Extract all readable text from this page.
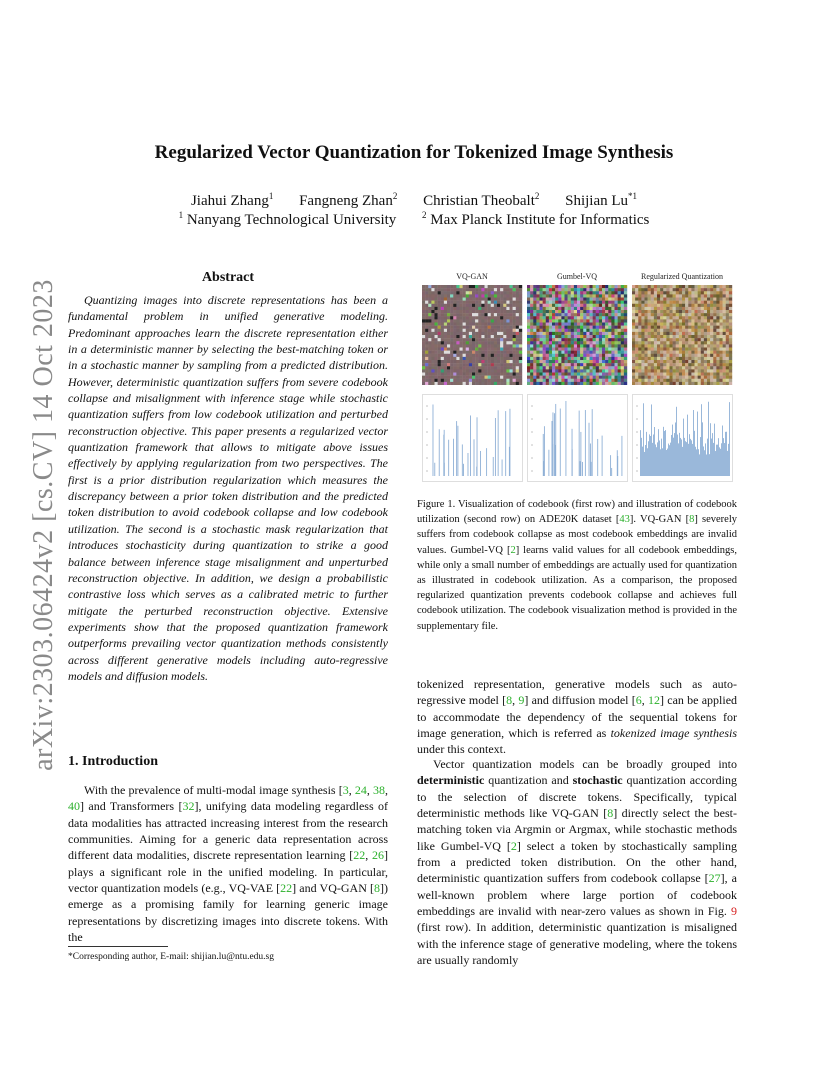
arXiv:2303.06424v2 [cs.CV] 14 Oct 2023
Regularized Vector Quantization for Tokenized Image Synthesis
Jiahui Zhang$^1$ Fangneng Zhan$^2$ Christian Theobalt$^2$ Shijian Lu$^{*1}$
$^1$ Nanyang Technological University	$^2$ Max Planck Institute for Informatics
Abstract
Quantizing images into discrete representations has been a fundamental problem in unified generative modeling. Predominant approaches learn the discrete representation either in a deterministic manner by selecting the best-matching token or in a stochastic manner by sampling from a predicted distribution. However, deterministic quantization suffers from severe codebook collapse and misalignment with inference stage while stochastic quantization suffers from low codebook utilization and perturbed reconstruction objective. This paper presents a regularized vector quantization framework that allows to mitigate above issues effectively by applying regularization from two perspectives. The first is a prior distribution regularization which measures the discrepancy between a prior token distribution and the predicted token distribution to avoid codebook collapse and low codebook utilization. The second is a stochastic mask regularization that introduces stochasticity during quantization to strike a good balance between inference stage misalignment and unperturbed reconstruction objective. In addition, we design a probabilistic contrastive loss which serves as a calibrated metric to further mitigate the perturbed reconstruction objective. Extensive experiments show that the proposed quantization framework outperforms prevailing vector quantization methods consistently across different generative models including auto-regressive models and diffusion models.
1. Introduction
With the prevalence of multi-modal image synthesis [3, 24, 38, 40] and Transformers [32], unifying data modeling regardless of data modalities has attracted increasing interest from the research communities. Aiming for a generic data representation across different data modalities, discrete representation learning [22, 26] plays a significant role in the unified modeling. In particular, vector quantization models (e.g., VQ-VAE [22] and VQ-GAN [8]) emerge as a promising family for learning generic image representations by discretizing images into discrete tokens. With the
*Corresponding author, E-mail: shijian.lu@ntu.edu.sg
VQ-GAN	Gumbel-VQ	Regularized Quantization
Figure 1. Visualization of codebook (first row) and illustration of codebook utilization (second row) on ADE20K dataset [43]. VQ-GAN [8] severely suffers from codebook collapse as most codebook embeddings are invalid values. Gumbel-VQ [2] learns valid values for all codebook embeddings, while only a small number of embeddings are actually used for quantization as illustrated in codebook utilization. As a comparison, the proposed regularized quantization prevents codebook collapse and achieves full codebook utilization. The codebook visualization method is provided in the supplementary file.
tokenized representation, generative models such as auto-regressive model [8, 9] and diffusion model [6, 12] can be applied to accommodate the dependency of the sequential tokens for image generation, which is referred as tokenized image synthesis under this context.
Vector quantization models can be broadly grouped into deterministic quantization and stochastic quantization according to the selection of discrete tokens. Specifically, typical deterministic methods like VQ-GAN [8] directly select the best-matching token via Argmin or Argmax, while stochastic methods like Gumbel-VQ [2] select a token by stochastically sampling from a predicted token distribution. On the other hand, deterministic quantization suffers from codebook collapse [27], a well-known problem where large portion of codebook embeddings are invalid with near-zero values as shown in Fig. 9 (first row). In addition, deterministic quantization is misaligned with the inference stage of generative modeling, where the tokens are usually randomly
